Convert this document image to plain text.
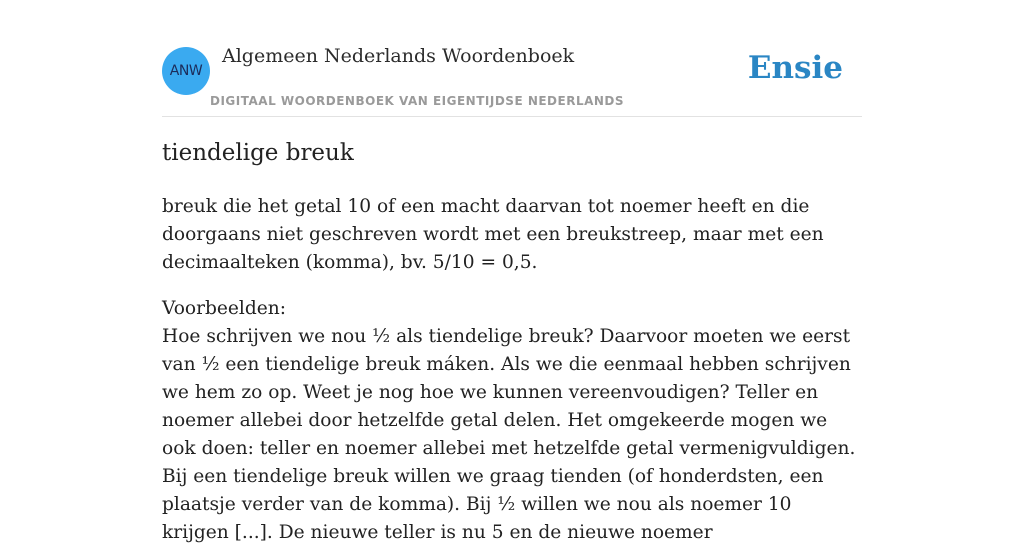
ANW
Algemeen Nederlands Woordenboek
DIGITAAL WOORDENBOEK VAN EIGENTIJDSE NEDERLANDS
Ensie
tiendelige breuk

breuk die het getal 10 of een macht daarvan tot noemer heeft en die doorgaans niet geschreven wordt met een breukstreep, maar met een decimaalteken (komma), bv. 5/10 = 0,5.

Voorbeelden:
Hoe schrijven we nou ½ als tiendelige breuk? Daarvoor moeten we eerst van ½ een tiendelige breuk máken. Als we die eenmaal hebben schrijven we hem zo op. Weet je nog hoe we kunnen vereenvoudigen? Teller en noemer allebei door hetzelfde getal delen. Het omgekeerde mogen we ook doen: teller en noemer allebei met hetzelfde getal vermenigvuldigen. Bij een tiendelige breuk willen we graag tienden (of honderdsten, een plaatsje verder van de komma). Bij ½ willen we nou als noemer 10 krijgen [...]. De nieuwe teller is nu 5 en de nieuwe noemer
